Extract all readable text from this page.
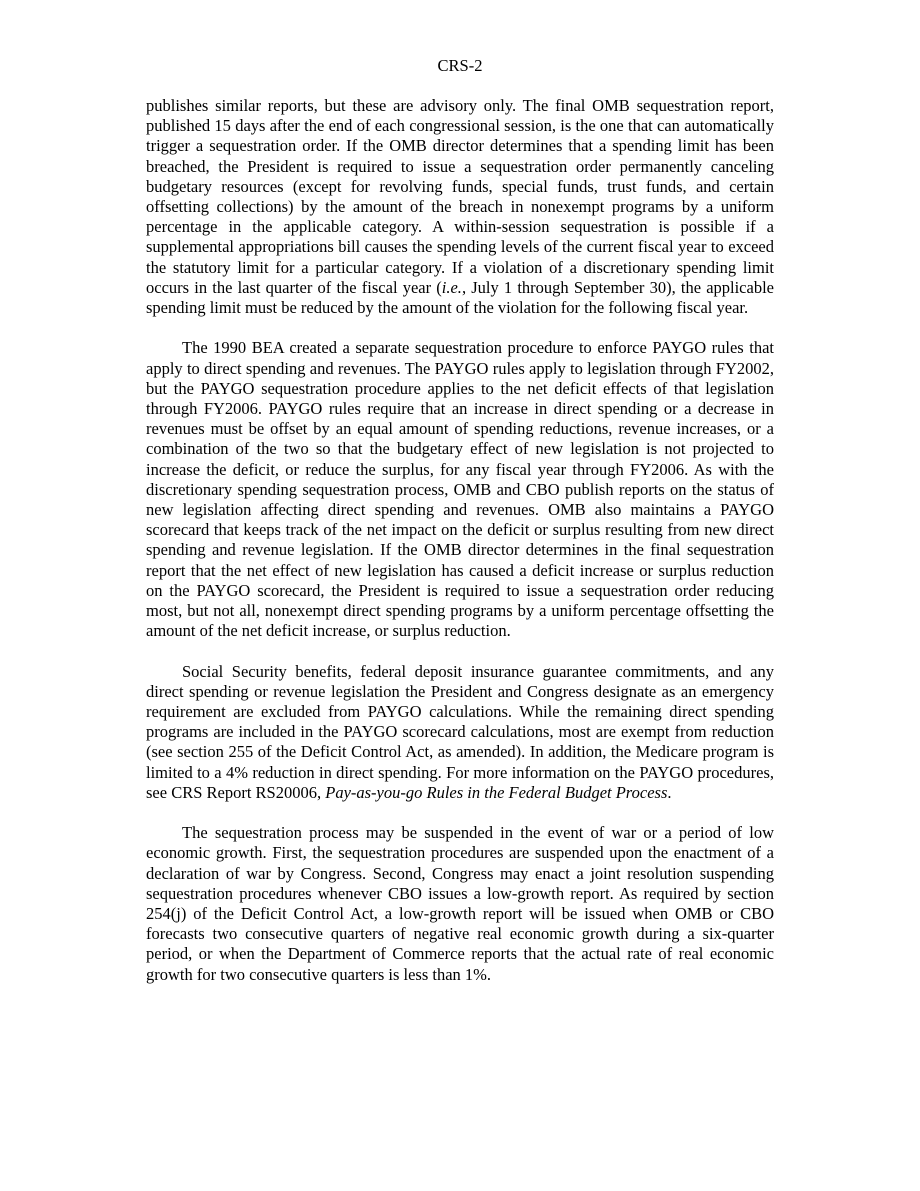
CRS-2

publishes similar reports, but these are advisory only. The final OMB sequestration report, published 15 days after the end of each congressional session, is the one that can automatically trigger a sequestration order. If the OMB director determines that a spending limit has been breached, the President is required to issue a sequestration order permanently canceling budgetary resources (except for revolving funds, special funds, trust funds, and certain offsetting collections) by the amount of the breach in nonexempt programs by a uniform percentage in the applicable category. A within-session sequestration is possible if a supplemental appropriations bill causes the spending levels of the current fiscal year to exceed the statutory limit for a particular category. If a violation of a discretionary spending limit occurs in the last quarter of the fiscal year (i.e., July 1 through September 30), the applicable spending limit must be reduced by the amount of the violation for the following fiscal year.

The 1990 BEA created a separate sequestration procedure to enforce PAYGO rules that apply to direct spending and revenues. The PAYGO rules apply to legislation through FY2002, but the PAYGO sequestration procedure applies to the net deficit effects of that legislation through FY2006. PAYGO rules require that an increase in direct spending or a decrease in revenues must be offset by an equal amount of spending reductions, revenue increases, or a combination of the two so that the budgetary effect of new legislation is not projected to increase the deficit, or reduce the surplus, for any fiscal year through FY2006. As with the discretionary spending sequestration process, OMB and CBO publish reports on the status of new legislation affecting direct spending and revenues. OMB also maintains a PAYGO scorecard that keeps track of the net impact on the deficit or surplus resulting from new direct spending and revenue legislation. If the OMB director determines in the final sequestration report that the net effect of new legislation has caused a deficit increase or surplus reduction on the PAYGO scorecard, the President is required to issue a sequestration order reducing most, but not all, nonexempt direct spending programs by a uniform percentage offsetting the amount of the net deficit increase, or surplus reduction.

Social Security benefits, federal deposit insurance guarantee commitments, and any direct spending or revenue legislation the President and Congress designate as an emergency requirement are excluded from PAYGO calculations. While the remaining direct spending programs are included in the PAYGO scorecard calculations, most are exempt from reduction (see section 255 of the Deficit Control Act, as amended). In addition, the Medicare program is limited to a 4% reduction in direct spending. For more information on the PAYGO procedures, see CRS Report RS20006, Pay-as-you-go Rules in the Federal Budget Process.

The sequestration process may be suspended in the event of war or a period of low economic growth. First, the sequestration procedures are suspended upon the enactment of a declaration of war by Congress. Second, Congress may enact a joint resolution suspending sequestration procedures whenever CBO issues a low-growth report. As required by section 254(j) of the Deficit Control Act, a low-growth report will be issued when OMB or CBO forecasts two consecutive quarters of negative real economic growth during a six-quarter period, or when the Department of Commerce reports that the actual rate of real economic growth for two consecutive quarters is less than 1%.
